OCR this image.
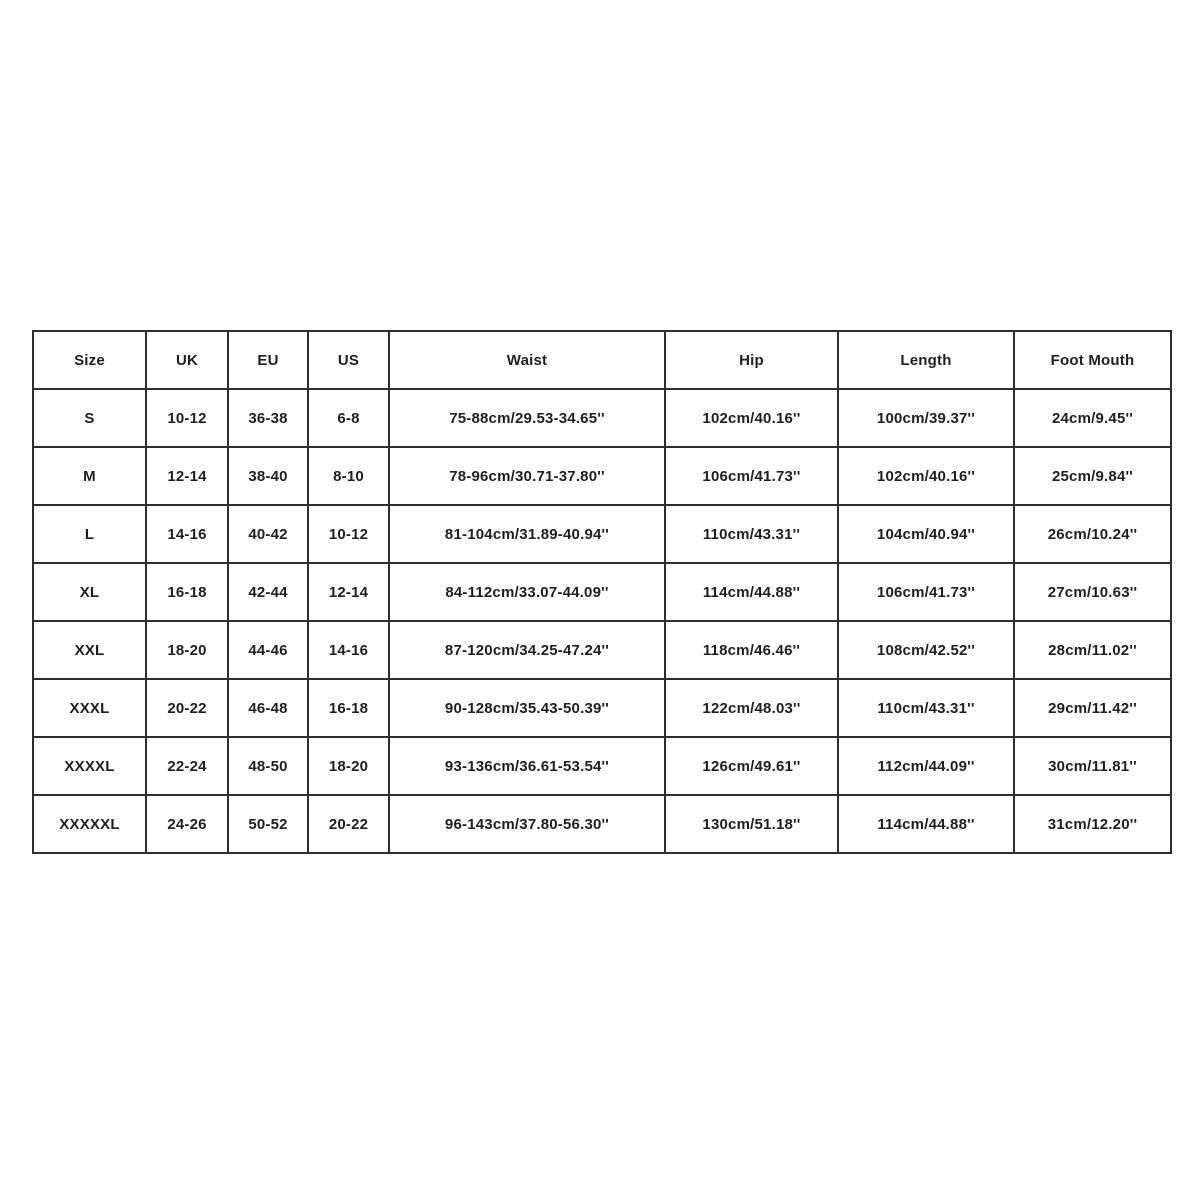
Size	UK	EU	US	Waist	Hip	Length	Foot Mouth
S	10-12	36-38	6-8	75-88cm/29.53-34.65''	102cm/40.16''	100cm/39.37''	24cm/9.45''
M	12-14	38-40	8-10	78-96cm/30.71-37.80''	106cm/41.73''	102cm/40.16''	25cm/9.84''
L	14-16	40-42	10-12	81-104cm/31.89-40.94''	110cm/43.31''	104cm/40.94''	26cm/10.24''
XL	16-18	42-44	12-14	84-112cm/33.07-44.09''	114cm/44.88''	106cm/41.73''	27cm/10.63''
XXL	18-20	44-46	14-16	87-120cm/34.25-47.24''	118cm/46.46''	108cm/42.52''	28cm/11.02''
XXXL	20-22	46-48	16-18	90-128cm/35.43-50.39''	122cm/48.03''	110cm/43.31''	29cm/11.42''
XXXXL	22-24	48-50	18-20	93-136cm/36.61-53.54''	126cm/49.61''	112cm/44.09''	30cm/11.81''
XXXXXL	24-26	50-52	20-22	96-143cm/37.80-56.30''	130cm/51.18''	114cm/44.88''	31cm/12.20''
